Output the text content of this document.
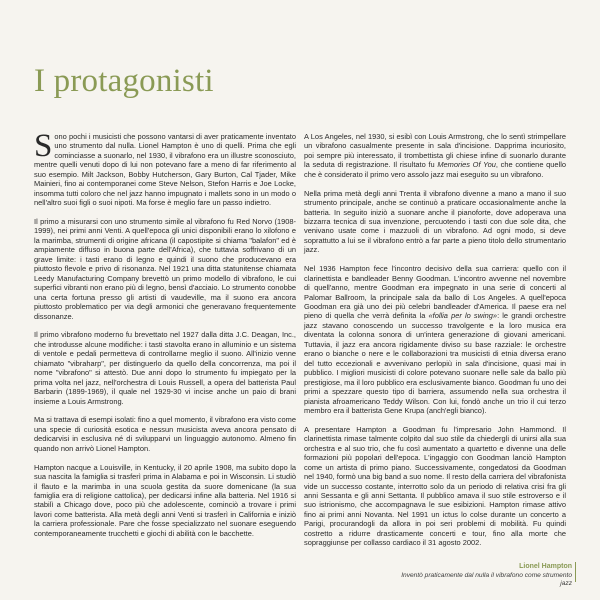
I protagonisti

Sono pochi i musicisti che possono vantarsi di aver praticamente inventato uno strumento dal nulla. Lionel Hampton è uno di quelli. Prima che egli cominciasse a suonarlo, nel 1930, il vibrafono era un illustre sconosciuto, mentre quelli venuti dopo di lui non potevano fare a meno di far riferimento al suo esempio. Milt Jackson, Bobby Hutcherson, Gary Burton, Cal Tjader, Mike Mainieri, fino ai contemporanei come Steve Nelson, Stefon Harris e Joe Locke, insomma tutti coloro che nel jazz hanno impugnato i mallets sono in un modo o nell'altro suoi figli o suoi nipoti. Ma forse è meglio fare un passo indietro.

Il primo a misurarsi con uno strumento simile al vibrafono fu Red Norvo (1908-1999), nei primi anni Venti. A quell'epoca gli unici disponibili erano lo xilofono e la marimba, strumenti di origine africana (il capostipite si chiama "balafon" ed è ampiamente diffuso in buona parte dell'Africa), che tuttavia soffrivano di un grave limite: i tasti erano di legno e quindi il suono che producevano era piuttosto flevole e privo di risonanza. Nel 1921 una ditta statunitense chiamata Leedy Manufacturing Company brevettò un primo modello di vibrafono, le cui superfici vibranti non erano più di legno, bensì d'acciaio. Lo strumento conobbe una certa fortuna presso gli artisti di vaudeville, ma il suono era ancora piuttosto problematico per via degli armonici che generavano frequentemente dissonanze.

Il primo vibrafono moderno fu brevettato nel 1927 dalla ditta J.C. Deagan, Inc., che introdusse alcune modifiche: i tasti stavolta erano in alluminio e un sistema di ventole e pedali permetteva di controllarne meglio il suono. All'inizio venne chiamato "vibraharp", per distinguerlo da quello della concorrenza, ma poi il nome "vibrafono" si attestò. Due anni dopo lo strumento fu impiegato per la prima volta nel jazz, nell'orchestra di Louis Russell, a opera del batterista Paul Barbarin (1899-1969), il quale nel 1929-30 vi incise anche un paio di brani insieme a Louis Armstrong.

Ma si trattava di esempi isolati: fino a quel momento, il vibrafono era visto come una specie di curiosità esotica e nessun musicista aveva ancora pensato di dedicarvisi in esclusiva né di svilupparvi un linguaggio autonomo. Almeno fin quando non arrivò Lionel Hampton.

Hampton nacque a Louisville, in Kentucky, il 20 aprile 1908, ma subito dopo la sua nascita la famiglia si trasferì prima in Alabama e poi in Wisconsin. Li studiò il flauto e la marimba in una scuola gestita da suore domenicane (la sua famiglia era di religione cattolica), per dedicarsi infine alla batteria. Nel 1916 si stabilì a Chicago dove, poco più che adolescente, cominciò a trovare i primi lavori come batterista. Alla metà degli anni Venti si trasferì in California e iniziò la carriera professionale. Pare che fosse specializzato nel suonare eseguendo contemporaneamente trucchetti e giochi di abilità con le bacchette.

A Los Angeles, nel 1930, si esibì con Louis Armstrong, che lo sentì strimpellare un vibrafono casualmente presente in sala d'incisione. Dapprima incuriosito, poi sempre più interessato, il trombettista gli chiese infine di suonarlo durante la seduta di registrazione. Il risultato fu Memories Of You, che contiene quello che è considerato il primo vero assolo jazz mai eseguito su un vibrafono.

Nella prima metà degli anni Trenta il vibrafono divenne a mano a mano il suo strumento principale, anche se continuò a praticare occasionalmente anche la batteria. In seguito iniziò a suonare anche il pianoforte, dove adoperava una bizzarra tecnica di sua invenzione, percuotendo i tasti con due sole dita, che venivano usate come i mazzuoli di un vibrafono. Ad ogni modo, si deve soprattutto a lui se il vibrafono entrò a far parte a pieno titolo dello strumentario jazz.

Nel 1936 Hampton fece l'incontro decisivo della sua carriera: quello con il clarinettista e bandleader Benny Goodman. L'incontro avvenne nel novembre di quell'anno, mentre Goodman era impegnato in una serie di concerti al Palomar Ballroom, la principale sala da ballo di Los Angeles. A quell'epoca Goodman era già uno dei più celebri bandleader d'America. Il paese era nel pieno di quella che verrà definita la «follia per lo swing»: le grandi orchestre jazz stavano conoscendo un successo travolgente e la loro musica era diventata la colonna sonora di un'intera generazione di giovani americani. Tuttavia, il jazz era ancora rigidamente diviso su base razziale: le orchestre erano o bianche o nere e le collaborazioni tra musicisti di etnia diversa erano del tutto eccezionali e avvenivano perlopiù in sala d'incisione, quasi mai in pubblico. I migliori musicisti di colore potevano suonare nelle sale da ballo più prestigiose, ma il loro pubblico era esclusivamente bianco. Goodman fu uno dei primi a spezzare questo tipo di barriera, assumendo nella sua orchestra il pianista afroamericano Teddy Wilson. Con lui, fondò anche un trio il cui terzo membro era il batterista Gene Krupa (anch'egli bianco).

A presentare Hampton a Goodman fu l'impresario John Hammond. Il clarinettista rimase talmente colpito dal suo stile da chiedergli di unirsi alla sua orchestra e al suo trio, che fu così aumentato a quartetto e divenne una delle formazioni più popolari dell'epoca. L'ingaggio con Goodman lanciò Hampton come un artista di primo piano. Successivamente, congedatosi da Goodman nel 1940, formò una big band a suo nome. Il resto della carriera del vibrafonista vide un successo costante, interrotto solo da un periodo di relativa crisi fra gli anni Sessanta e gli anni Settanta. Il pubblico amava il suo stile estroverso e il suo istrionismo, che accompagnava le sue esibizioni. Hampton rimase attivo fino ai primi anni Novanta. Nel 1991 un ictus lo colse durante un concerto a Parigi, procurandogli da allora in poi seri problemi di mobilità. Fu quindi costretto a ridurre drasticamente concerti e tour, fino alla morte che sopraggiunse per collasso cardiaco il 31 agosto 2002.

Lionel Hampton
Inventò praticamente dal nulla il vibrafono come strumento jazz
